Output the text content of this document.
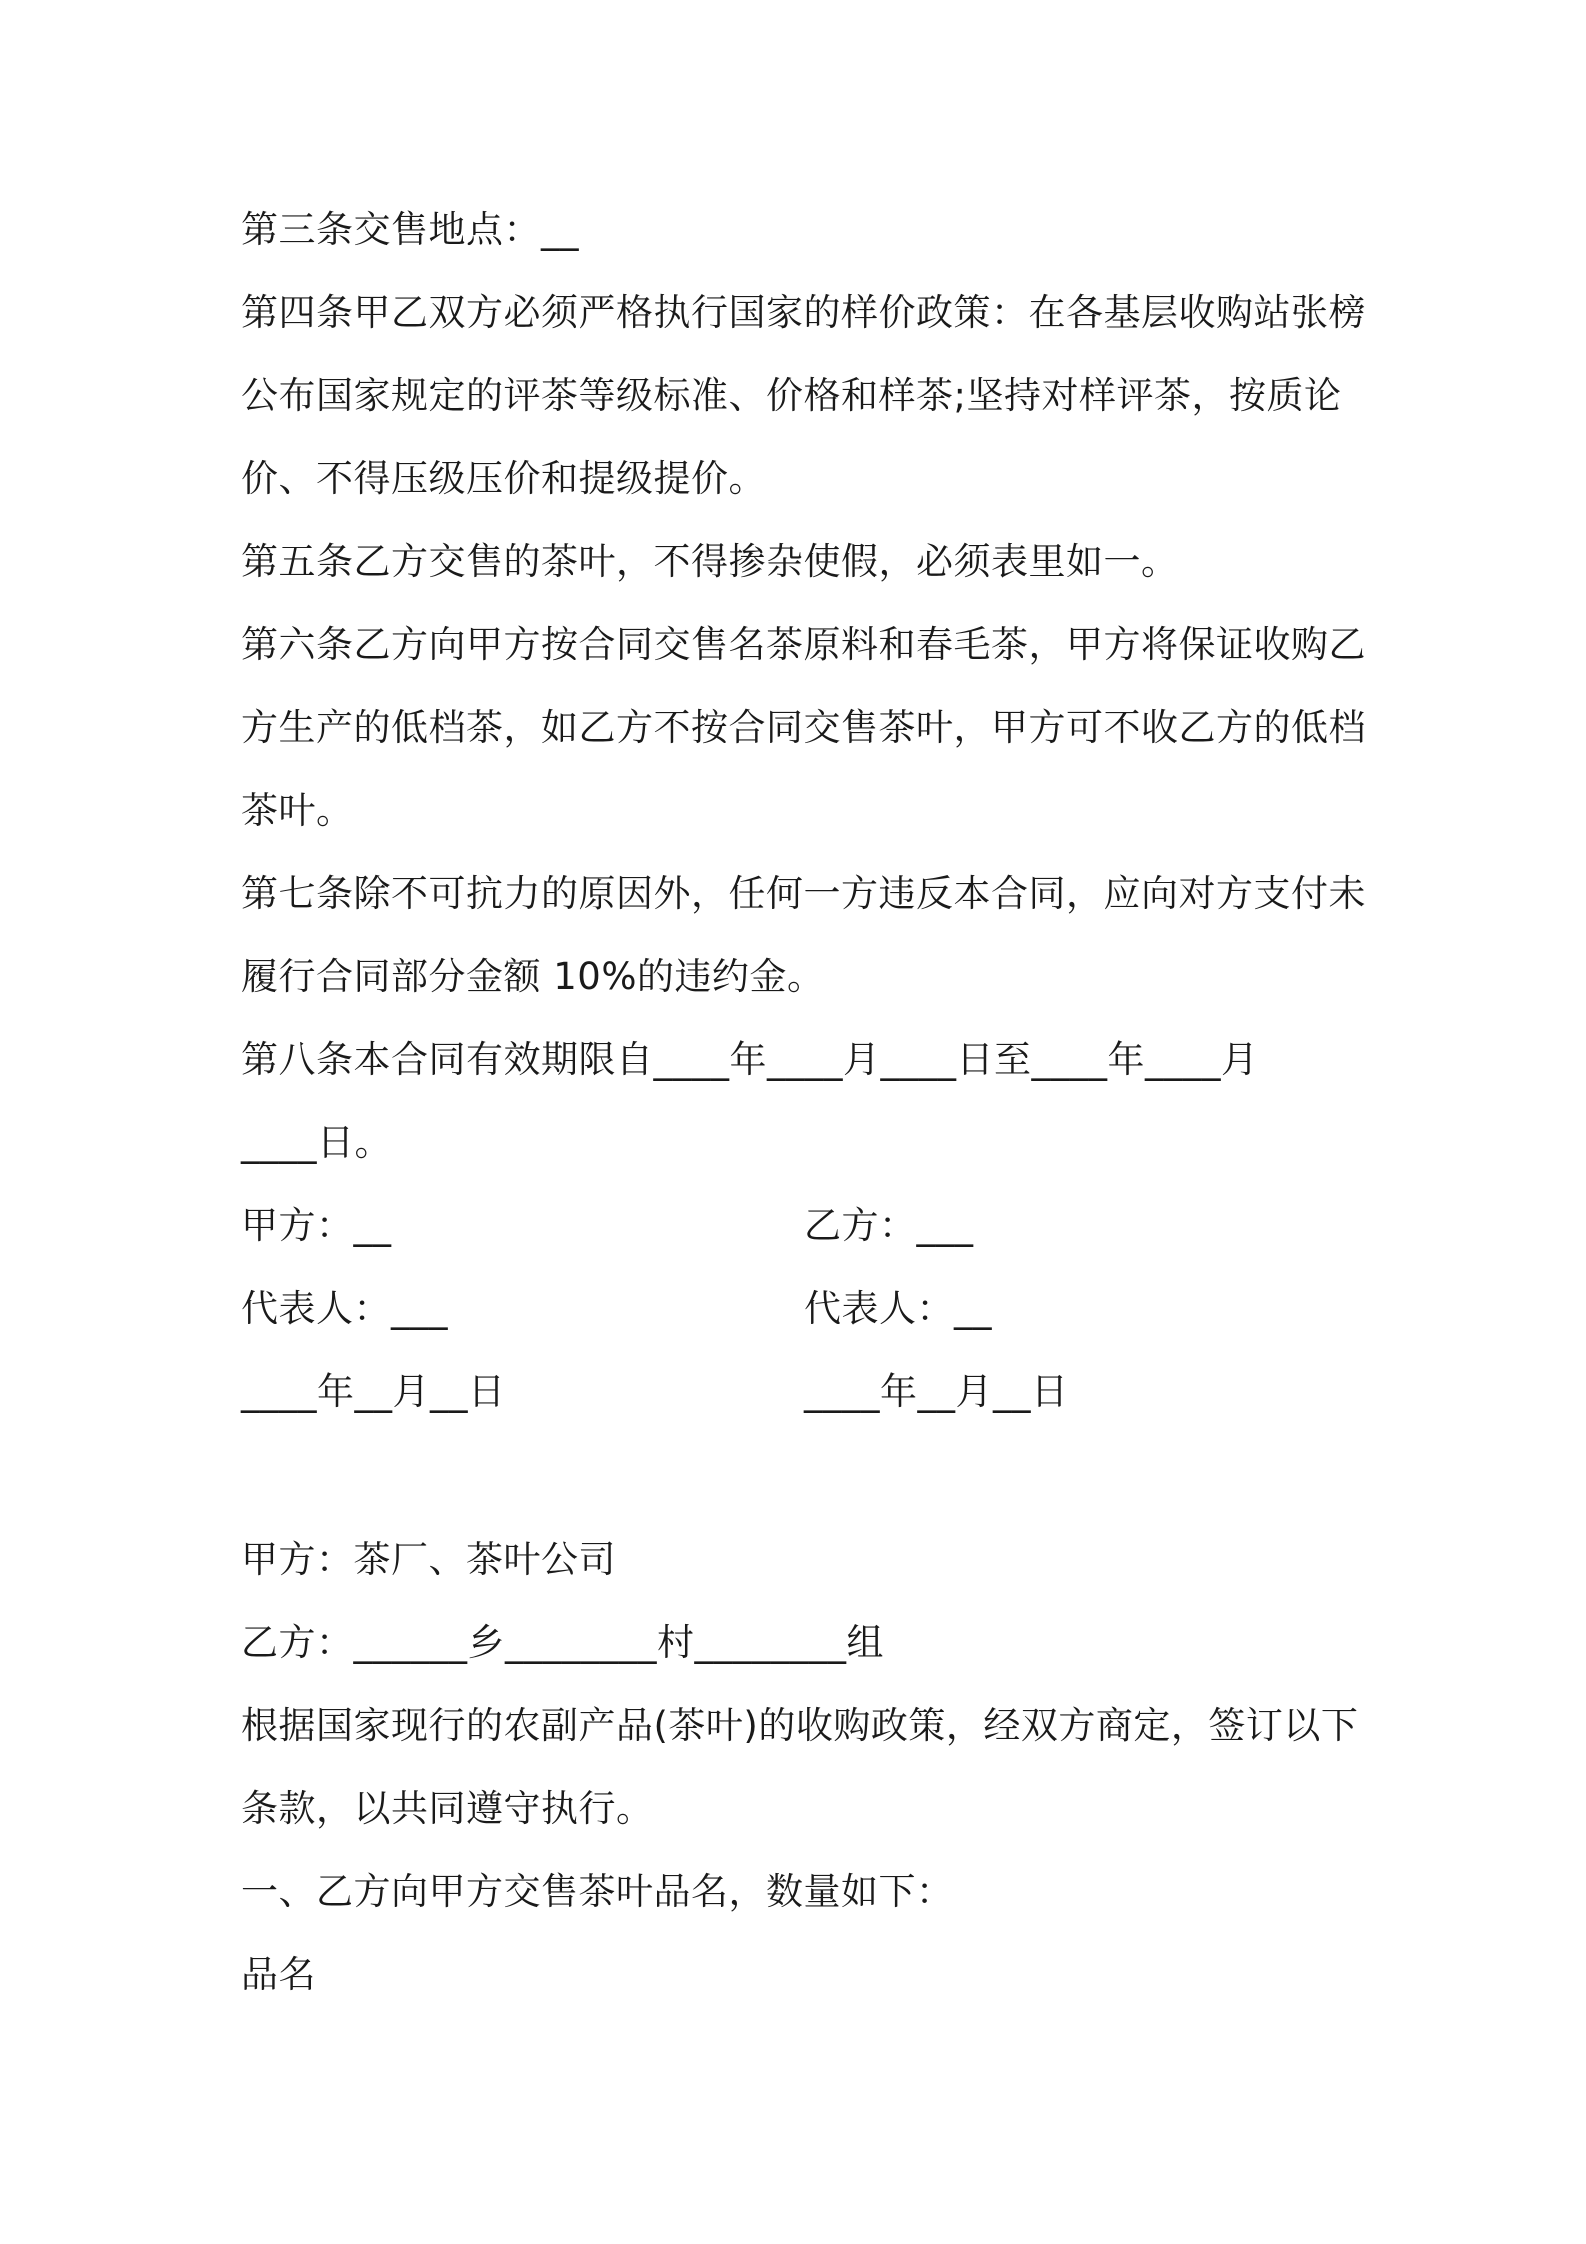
第三条交售地点：__
第四条甲乙双方必须严格执行国家的样价政策：在各基层收购站张榜
公布国家规定的评茶等级标准、价格和样茶;坚持对样评茶，按质论
价、不得压级压价和提级提价。
第五条乙方交售的茶叶，不得掺杂使假，必须表里如一。
第六条乙方向甲方按合同交售名茶原料和春毛茶，甲方将保证收购乙
方生产的低档茶，如乙方不按合同交售茶叶，甲方可不收乙方的低档
茶叶。
第七条除不可抗力的原因外，任何一方违反本合同，应向对方支付未
履行合同部分金额 10%的违约金。
第八条本合同有效期限自____年____月____日至____年____月
____日。
甲方：__	乙方：___
代表人：___	代表人：__
____年__月__日	____年__月__日
甲方：茶厂、茶叶公司
乙方：______乡________村________组
根据国家现行的农副产品(茶叶)的收购政策，经双方商定，签订以下
条款，以共同遵守执行。
一、乙方向甲方交售茶叶品名，数量如下：
品名
